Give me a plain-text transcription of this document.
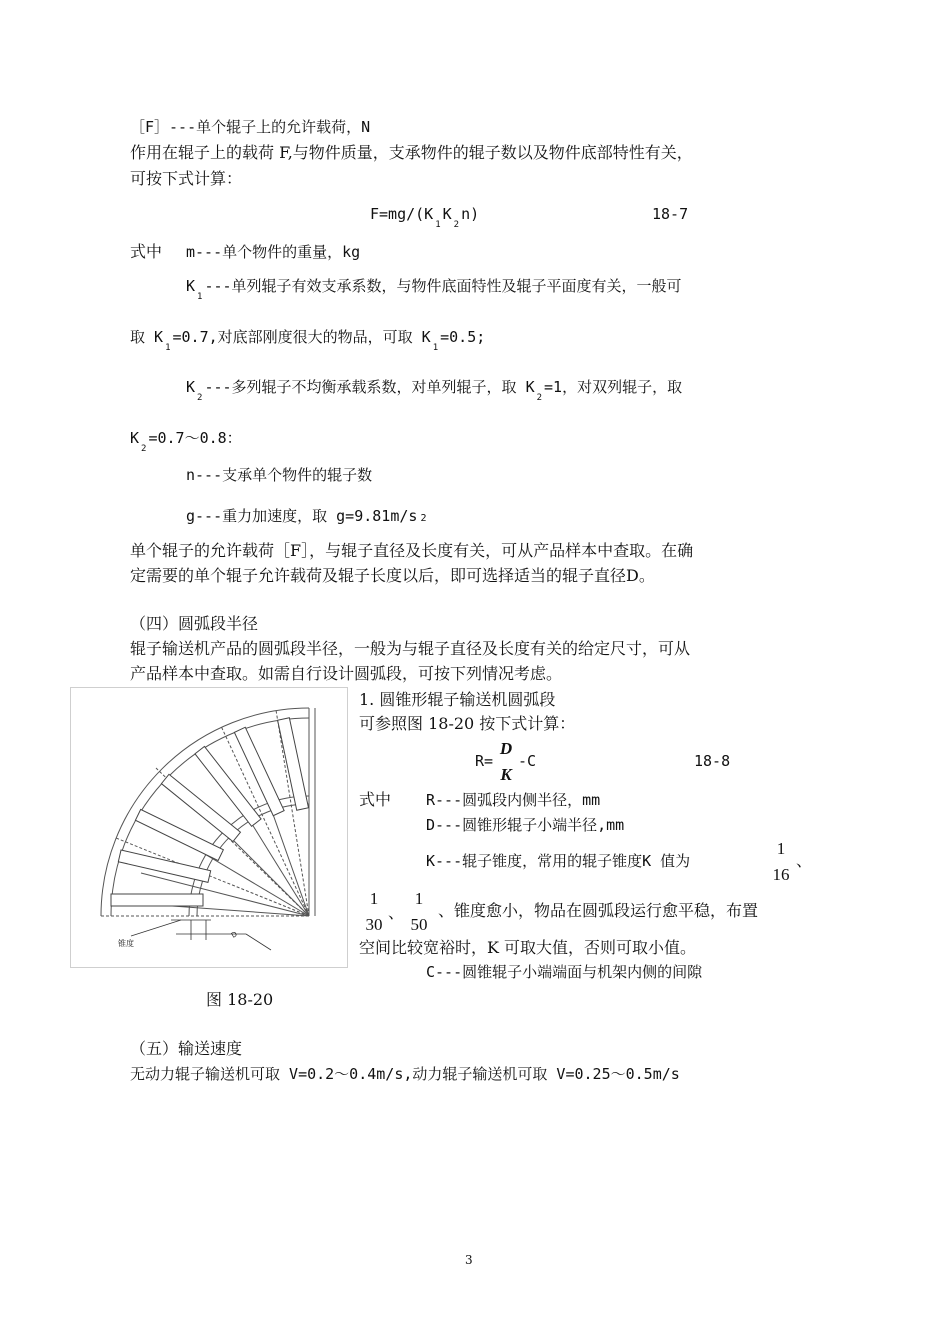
［F］---单个辊子上的允许载荷，N
作用在辊子上的载荷 F,与物件质量，支承物件的辊子数以及物件底部特性有关，
可按下式计算：
$F=mg/(K_1K_2n)$	18-7
式中 m---单个物件的重量，kg
$K_1---$单列辊子有效支承系数，与物件底面特性及辊子平面度有关，一般可
取 $K_1=0.7$,对底部刚度很大的物品，可取 $K_1=0.5$;
$K_2---$多列辊子不均衡承载系数，对单列辊子，取 $K_2=1$，对双列辊子，取
$K_2=0.7\sim 0.8$：
n---支承单个物件的辊子数
g---重力加速度，取 g=9.81m/s 2
单个辊子的允许载荷［F］，与辊子直径及长度有关，可从产品样本中查取。在确
定需要的单个辊子允许载荷及辊子长度以后，即可选择适当的辊子直径D。
（四）圆弧段半径
辊子输送机产品的圆弧段半径，一般为与辊子直径及长度有关的给定尺寸，可从
产品样本中查取。如需自行设计圆弧段，可按下列情况考虑。
锥度
D
图 18-20
1. 圆锥形辊子输送机圆弧段
可参照图 18-20 按下式计算：
R=
D
K
-C	18-8
式中 R---圆弧段内侧半径，mm
D---圆锥形辊子小端半径,mm
K---辊子锥度，常用的辊子锥度K 值为
1
16
、
1
30
、
1
50
、锥度愈小，物品在圆弧段运行愈平稳，布置
空间比较宽裕时，K 可取大值，否则可取小值。
C---圆锥辊子小端端面与机架内侧的间隙
（五）输送速度
无动力辊子输送机可取 V=0.2～0.4m/s,动力辊子输送机可取 V=0.25～0.5m/s
3
